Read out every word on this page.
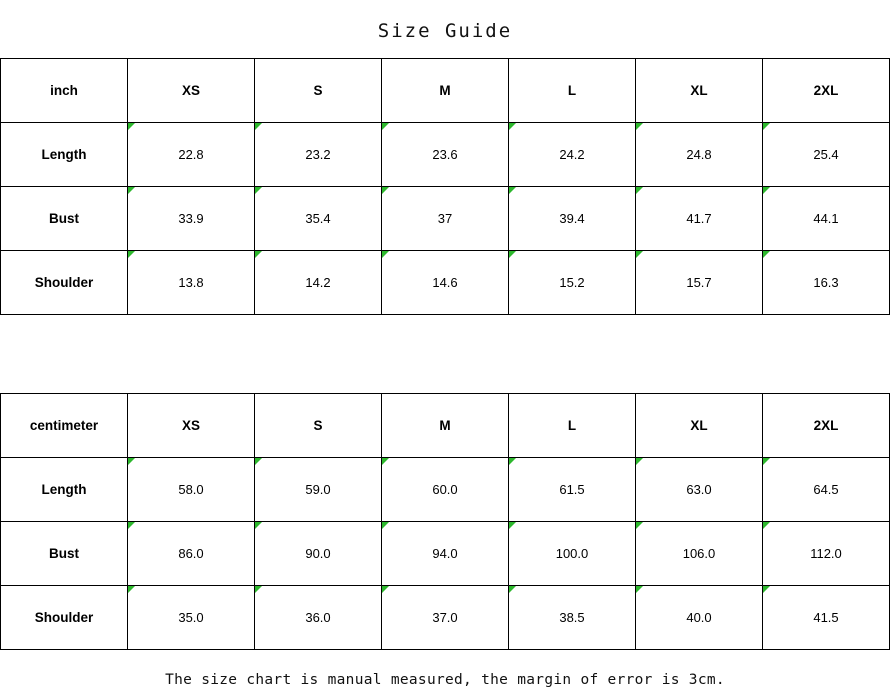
Size Guide
inch	XS	S	M	L	XL	2XL
Length	22.8	23.2	23.6	24.2	24.8	25.4
Bust	33.9	35.4	37	39.4	41.7	44.1
Shoulder	13.8	14.2	14.6	15.2	15.7	16.3
centimeter	XS	S	M	L	XL	2XL
Length	58.0	59.0	60.0	61.5	63.0	64.5
Bust	86.0	90.0	94.0	100.0	106.0	112.0
Shoulder	35.0	36.0	37.0	38.5	40.0	41.5
The size chart is manual measured, the margin of error is 3cm.
